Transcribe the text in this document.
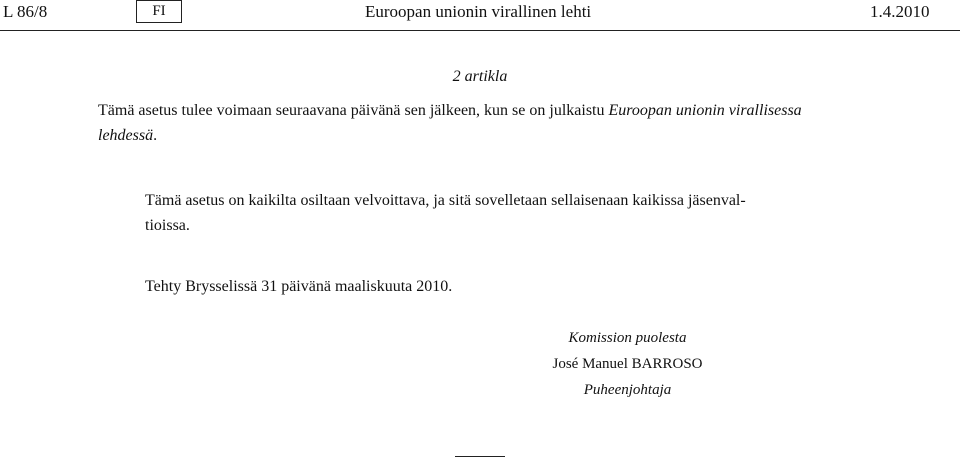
L 86/8	FI	Euroopan unionin virallinen lehti	1.4.2010
2 artikla
Tämä asetus tulee voimaan seuraavana päivänä sen jälkeen, kun se on julkaistu Euroopan unionin virallisessa
lehdessä.
Tämä asetus on kaikilta osiltaan velvoittava, ja sitä sovelletaan sellaisenaan kaikissa jäsenval-
tioissa.
Tehty Brysselissä 31 päivänä maaliskuuta 2010.
Komission puolesta
José Manuel BARROSO
Puheenjohtaja
